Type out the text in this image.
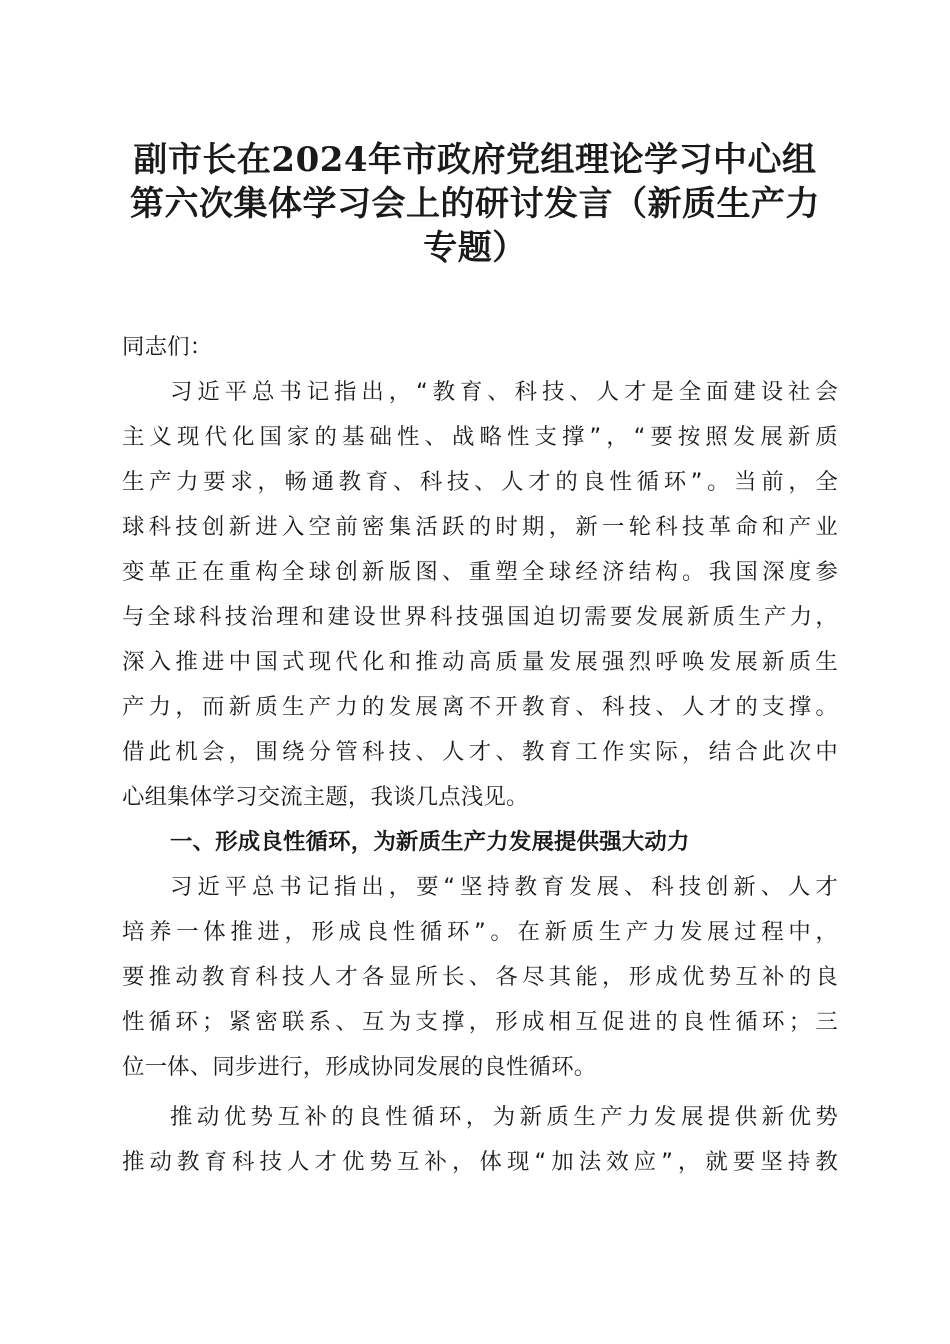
副市长在2024年市政府党组理论学习中心组
第六次集体学习会上的研讨发言（新质生产力
专题）
同志们：
习近平总书记指出，“教育、科技、人才是全面建设社会
主义现代化国家的基础性、战略性支撑”，“要按照发展新质
生产力要求，畅通教育、科技、人才的良性循环”。当前，全
球科技创新进入空前密集活跃的时期，新一轮科技革命和产业
变革正在重构全球创新版图、重塑全球经济结构。我国深度参
与全球科技治理和建设世界科技强国迫切需要发展新质生产力，
深入推进中国式现代化和推动高质量发展强烈呼唤发展新质生
产力，而新质生产力的发展离不开教育、科技、人才的支撑。
借此机会，围绕分管科技、人才、教育工作实际，结合此次中
心组集体学习交流主题，我谈几点浅见。
一、形成良性循环，为新质生产力发展提供强大动力
习近平总书记指出，要“坚持教育发展、科技创新、人才
培养一体推进，形成良性循环”。在新质生产力发展过程中，
要推动教育科技人才各显所长、各尽其能，形成优势互补的良
性循环；紧密联系、互为支撑，形成相互促进的良性循环；三
位一体、同步进行，形成协同发展的良性循环。
推动优势互补的良性循环，为新质生产力发展提供新优势
推动教育科技人才优势互补，体现“加法效应”，就要坚持教
